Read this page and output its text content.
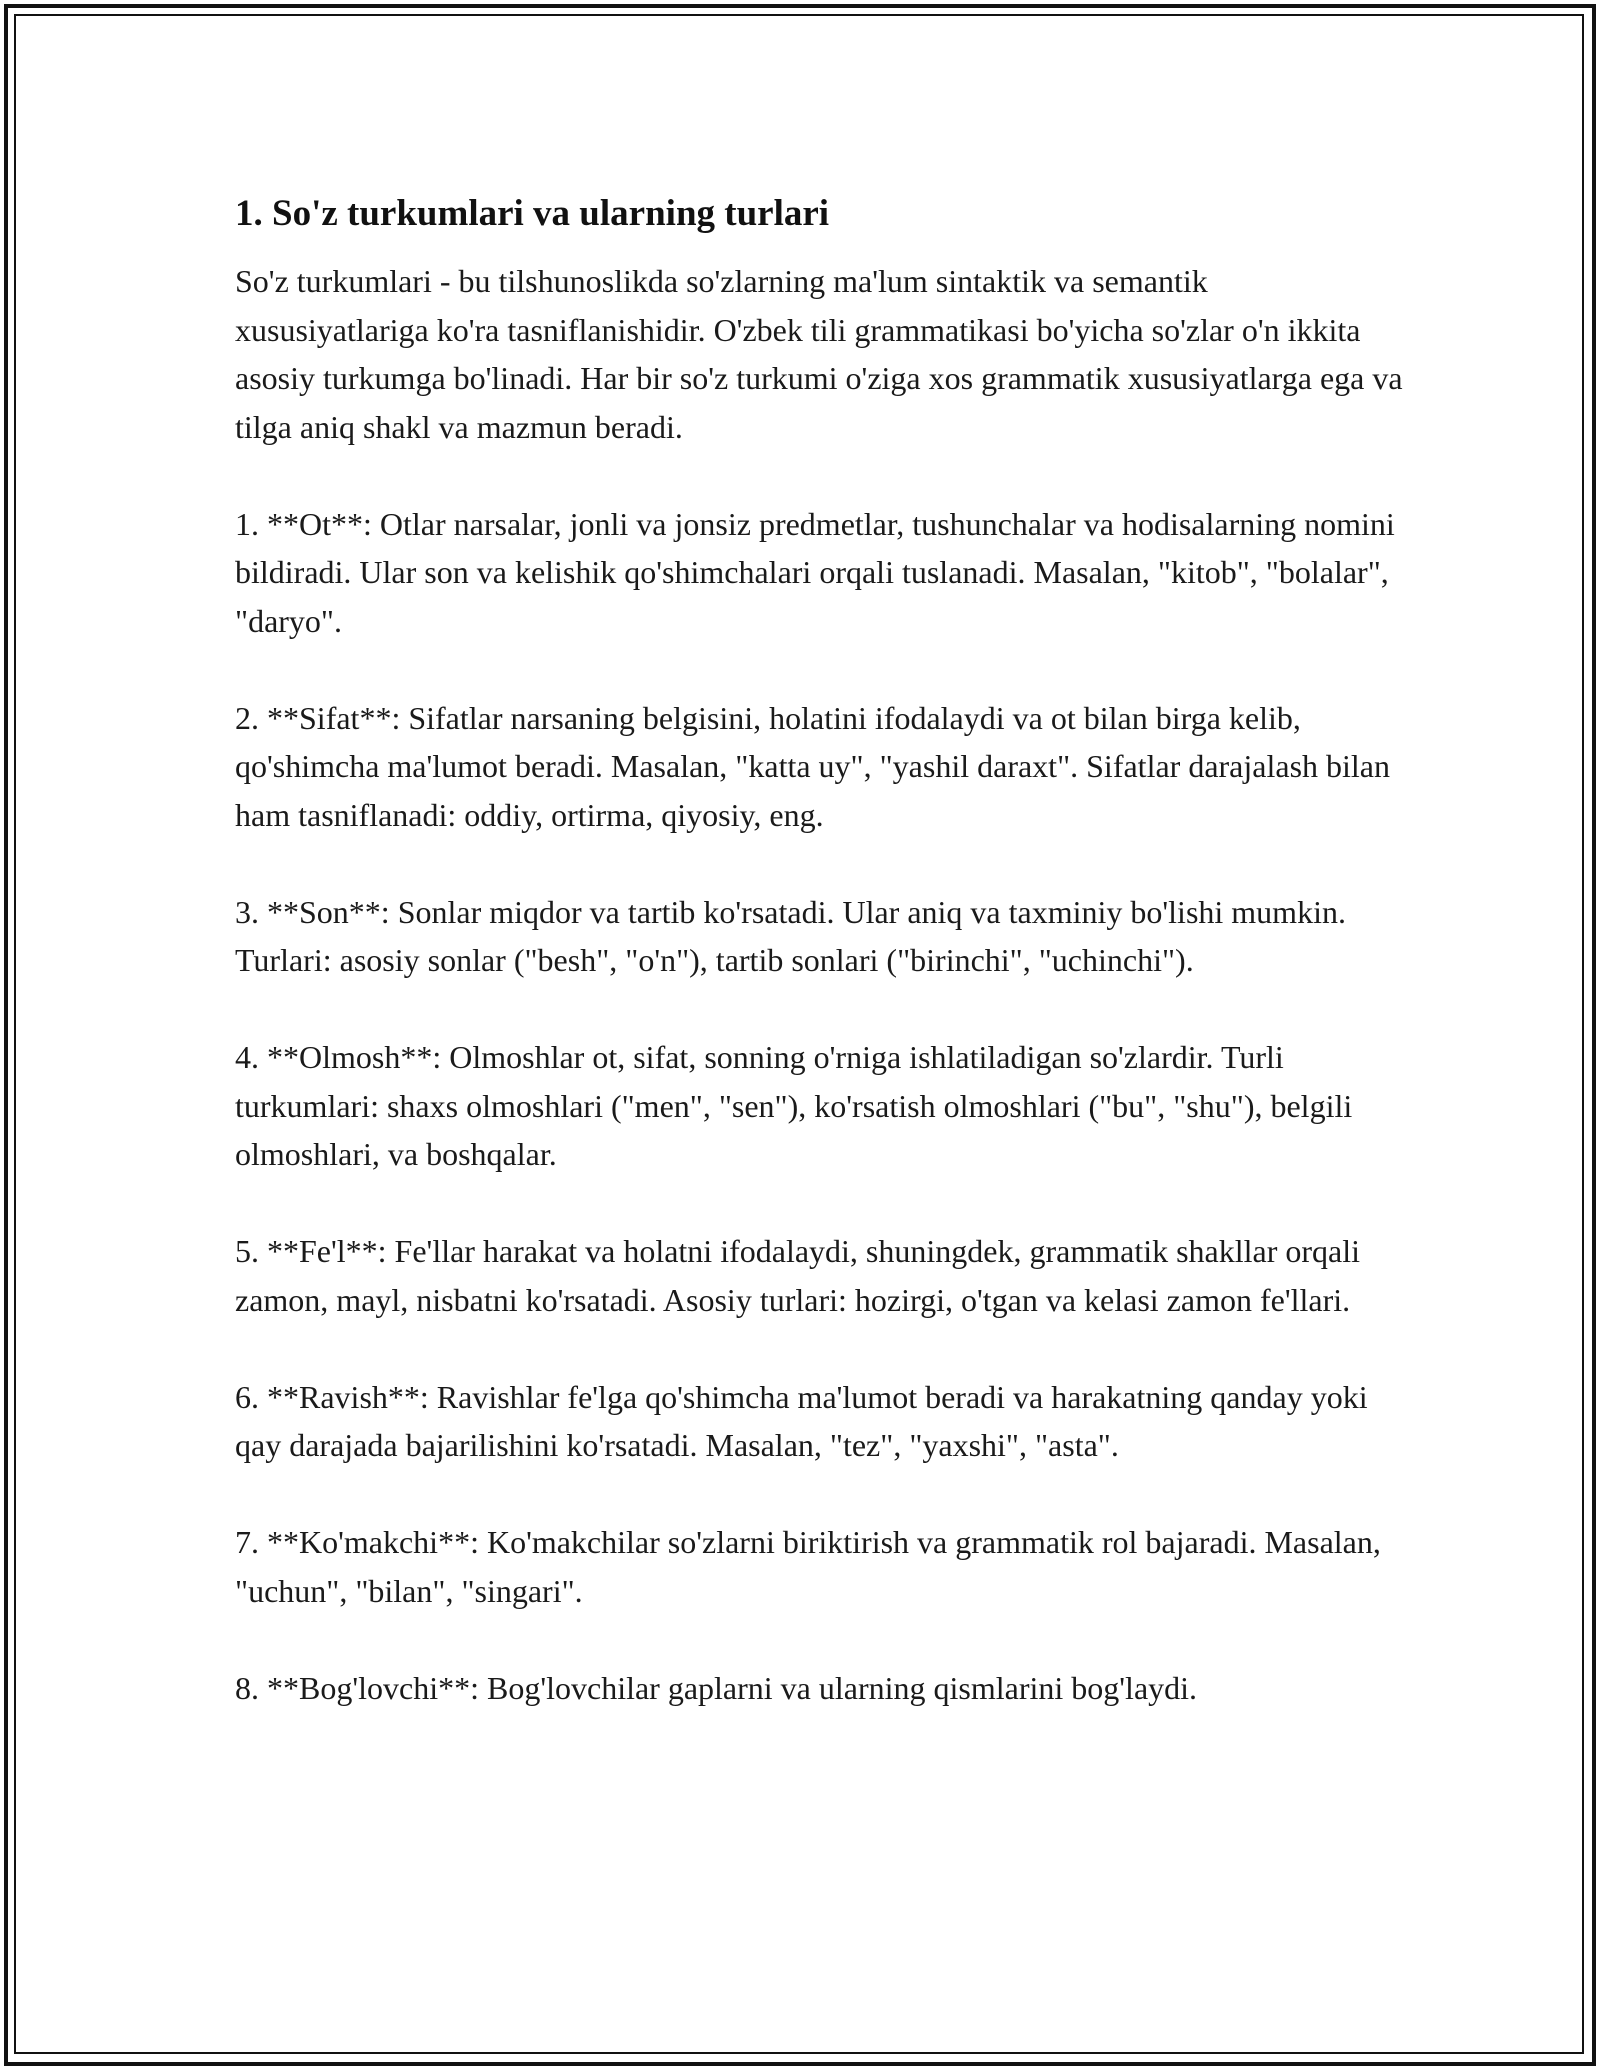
1. So'z turkumlari va ularning turlari

So'z turkumlari - bu tilshunoslikda so'zlarning ma'lum sintaktik va semantik xususiyatlariga ko'ra tasniflanishidir. O'zbek tili grammatikasi bo'yicha so'zlar o'n ikkita asosiy turkumga bo'linadi. Har bir so'z turkumi o'ziga xos grammatik xususiyatlarga ega va tilga aniq shakl va mazmun beradi.

1. **Ot**: Otlar narsalar, jonli va jonsiz predmetlar, tushunchalar va hodisalarning nomini bildiradi. Ular son va kelishik qo'shimchalari orqali tuslanadi. Masalan, "kitob", "bolalar", "daryo".

2. **Sifat**: Sifatlar narsaning belgisini, holatini ifodalaydi va ot bilan birga kelib, qo'shimcha ma'lumot beradi. Masalan, "katta uy", "yashil daraxt". Sifatlar darajalash bilan ham tasniflanadi: oddiy, ortirma, qiyosiy, eng.

3. **Son**: Sonlar miqdor va tartib ko'rsatadi. Ular aniq va taxminiy bo'lishi mumkin. Turlari: asosiy sonlar ("besh", "o'n"), tartib sonlari ("birinchi", "uchinchi").

4. **Olmosh**: Olmoshlar ot, sifat, sonning o'rniga ishlatiladigan so'zlardir. Turli turkumlari: shaxs olmoshlari ("men", "sen"), ko'rsatish olmoshlari ("bu", "shu"), belgili olmoshlari, va boshqalar.

5. **Fe'l**: Fe'llar harakat va holatni ifodalaydi, shuningdek, grammatik shakllar orqali zamon, mayl, nisbatni ko'rsatadi. Asosiy turlari: hozirgi, o'tgan va kelasi zamon fe'llari.

6. **Ravish**: Ravishlar fe'lga qo'shimcha ma'lumot beradi va harakatning qanday yoki qay darajada bajarilishini ko'rsatadi. Masalan, "tez", "yaxshi", "asta".

7. **Ko'makchi**: Ko'makchilar so'zlarni biriktirish va grammatik rol bajaradi. Masalan, "uchun", "bilan", "singari".

8. **Bog'lovchi**: Bog'lovchilar gaplarni va ularning qismlarini bog'laydi.
